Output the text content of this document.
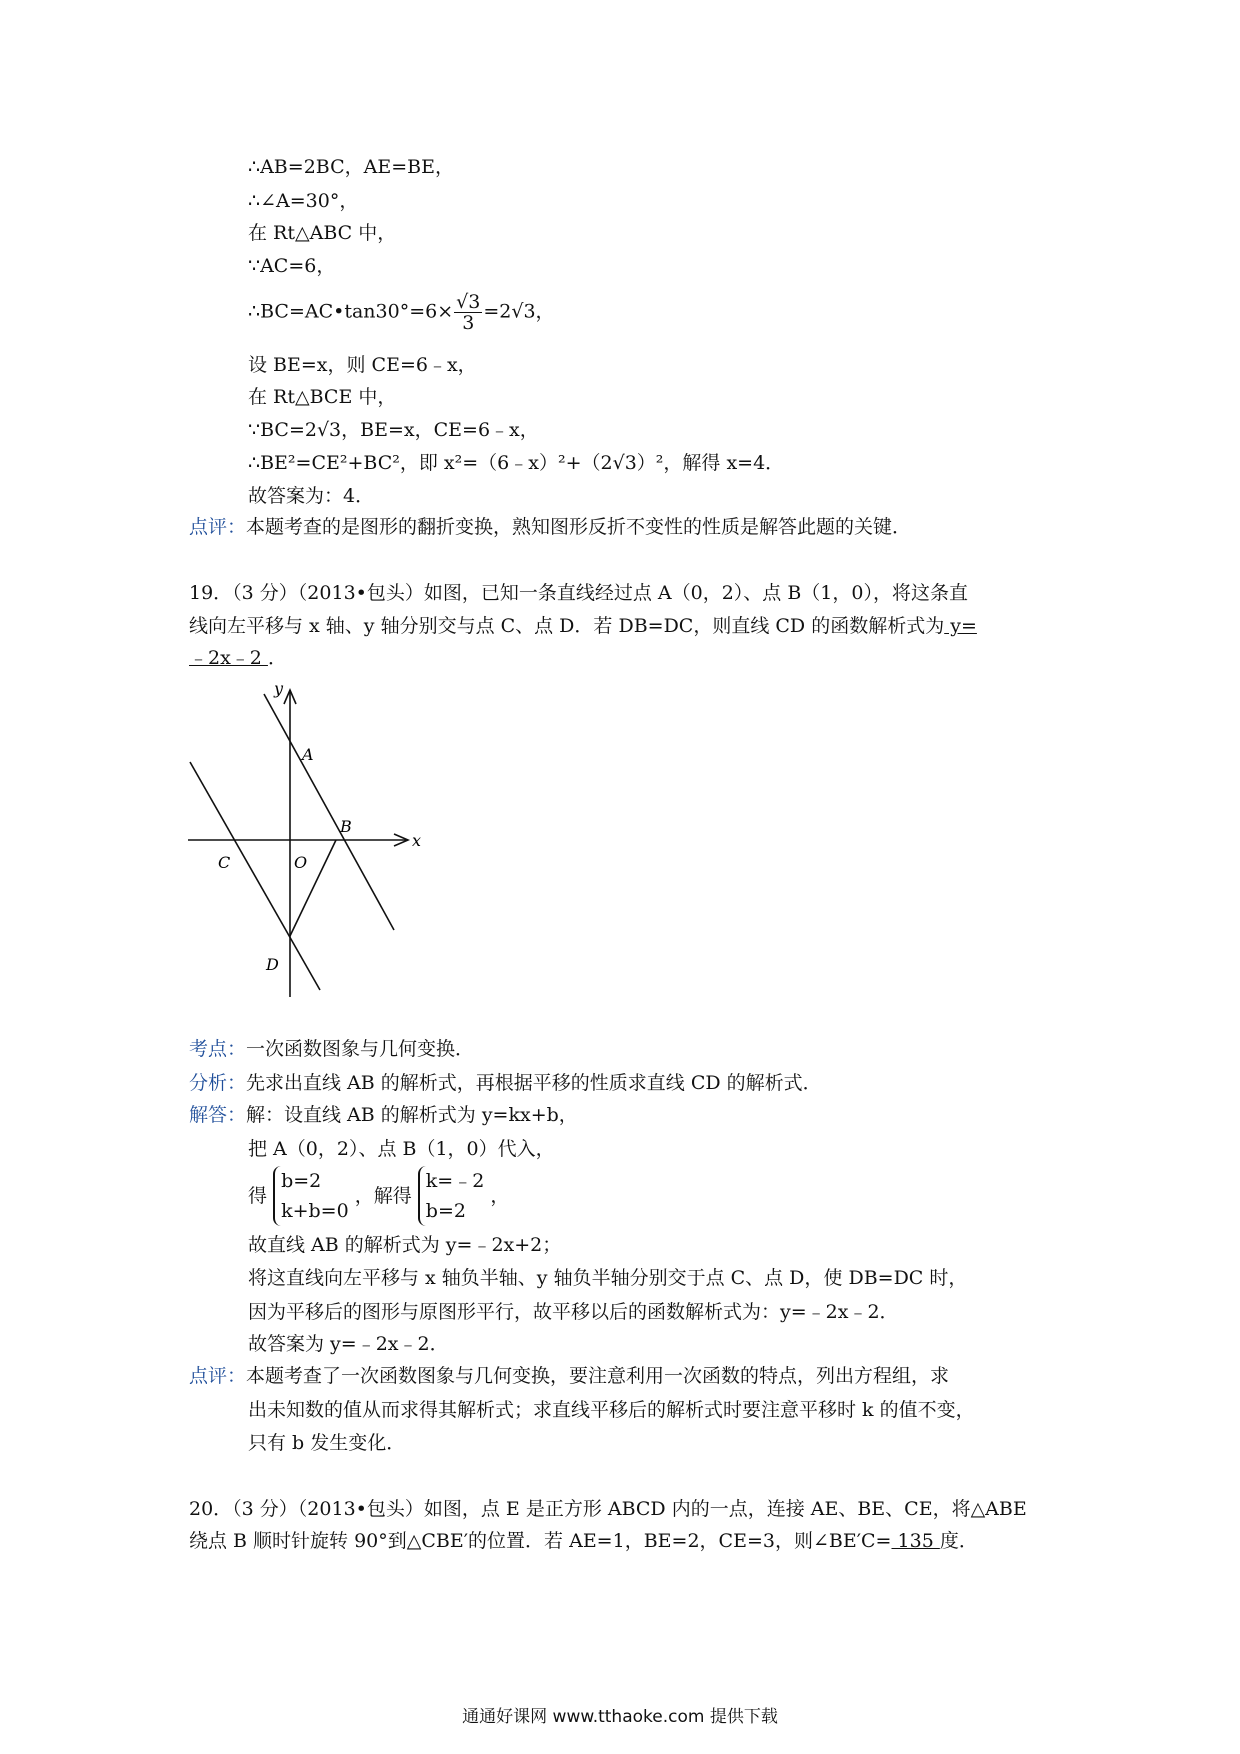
∴AB=2BC，AE=BE，
∴∠A=30°，
在 Rt△ABC 中，
∵AC=6，
∴BC=AC•tan30°=6× $\frac{√3}{3} =2√3$，
设 BE=x，则 CE=6﹣x，
在 Rt△BCE 中，
∵BC=2√3，BE=x，CE=6﹣x，
∴BE²=CE²+BC²，即 x²=（6﹣x）²+（2√3）²，解得 x=4．
故答案为：4．
点评：本题考查的是图形的翻折变换，熟知图形反折不变性的性质是解答此题的关键．
19．（3 分）（2013•包头）如图，已知一条直线经过点 A（0，2）、点 B（1，0），将这条直
线向左平移与 x 轴、y 轴分别交与点 C、点 D．若 DB=DC，则直线 CD 的函数解析式为 y=
﹣2x﹣2 ．
y
x
A
B
C	O
D
考点：一次函数图象与几何变换．
分析：先求出直线 AB 的解析式，再根据平移的性质求直线 CD 的解析式．
解答：解：设直线 AB 的解析式为 y=kx+b，
把 A（0，2）、点 B（1，0）代入，
得
b=2
k+b=0
，解得
k=﹣2
b=2
，
故直线 AB 的解析式为 y=﹣2x+2；
将这直线向左平移与 x 轴负半轴、y 轴负半轴分别交于点 C、点 D，使 DB=DC 时，
因为平移后的图形与原图形平行，故平移以后的函数解析式为：y=﹣2x﹣2．
故答案为 y=﹣2x﹣2．
点评：本题考查了一次函数图象与几何变换，要注意利用一次函数的特点，列出方程组，求
出未知数的值从而求得其解析式；求直线平移后的解析式时要注意平移时 k 的值不变，
只有 b 发生变化．
20．（3 分）（2013•包头）如图，点 E 是正方形 ABCD 内的一点，连接 AE、BE、CE，将△ABE
绕点 B 顺时针旋转 90°到△CBE′的位置．若 AE=1，BE=2，CE=3，则∠BE′C= 135 度．
通通好课网 www.tthaoke.com 提供下载
